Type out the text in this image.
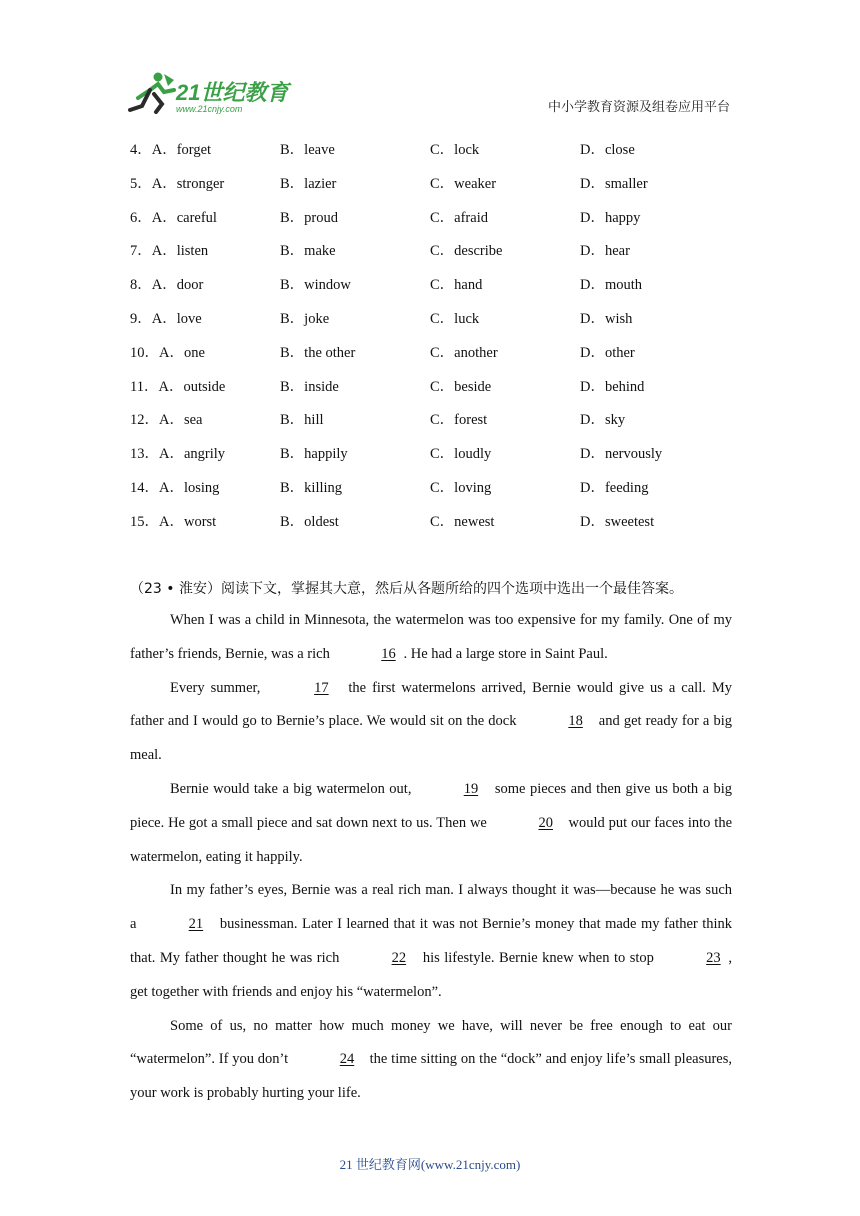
21世纪教育
www.21cnjy.com	中小学教育资源及组卷应用平台
4．A．forget	B．leave	C．lock	D．close
5．A．stronger	B．lazier	C．weaker	D．smaller
6．A．careful	B．proud	C．afraid	D．happy
7．A．listen	B．make	C．describe	D．hear
8．A．door	B．window	C．hand	D．mouth
9．A．love	B．joke	C．luck	D．wish
10．A．one	B．the other	C．another	D．other
11．A．outside	B．inside	C．beside	D．behind
12．A．sea	B．hill	C．forest	D．sky
13．A．angrily	B．happily	C．loudly	D．nervously
14．A．losing	B．killing	C．loving	D．feeding
15．A．worst	B．oldest	C．newest	D．sweetest
（23 • 淮安）阅读下文，掌握其大意，然后从各题所给的四个选项中选出一个最佳答案。

When I was a child in Minnesota, the watermelon was too expensive for my family. One of my father’s friends, Bernie, was a rich	16 . He had a large store in Saint Paul.

Every summer,	17 the first watermelons arrived, Bernie would give us a call. My father and I would go to Bernie’s place. We would sit on the dock	18 and get ready for a big meal.

Bernie would take a big watermelon out,	19 some pieces and then give us both a big piece. He got a small piece and sat down next to us. Then we	20 would put our faces into the watermelon, eating it happily.

In my father’s eyes, Bernie was a real rich man. I always thought it was—because he was such a	21 businessman. Later I learned that it was not Bernie’s money that made my father think that. My father thought he was rich	22 his lifestyle. Bernie knew when to stop	23 , get together with friends and enjoy his “watermelon”.

Some of us, no matter how much money we have, will never be free enough to eat our “watermelon”. If you don’t	24 the time sitting on the “dock” and enjoy life’s small pleasures, your work is probably hurting your life.

21 世纪教育网(www.21cnjy.com)
